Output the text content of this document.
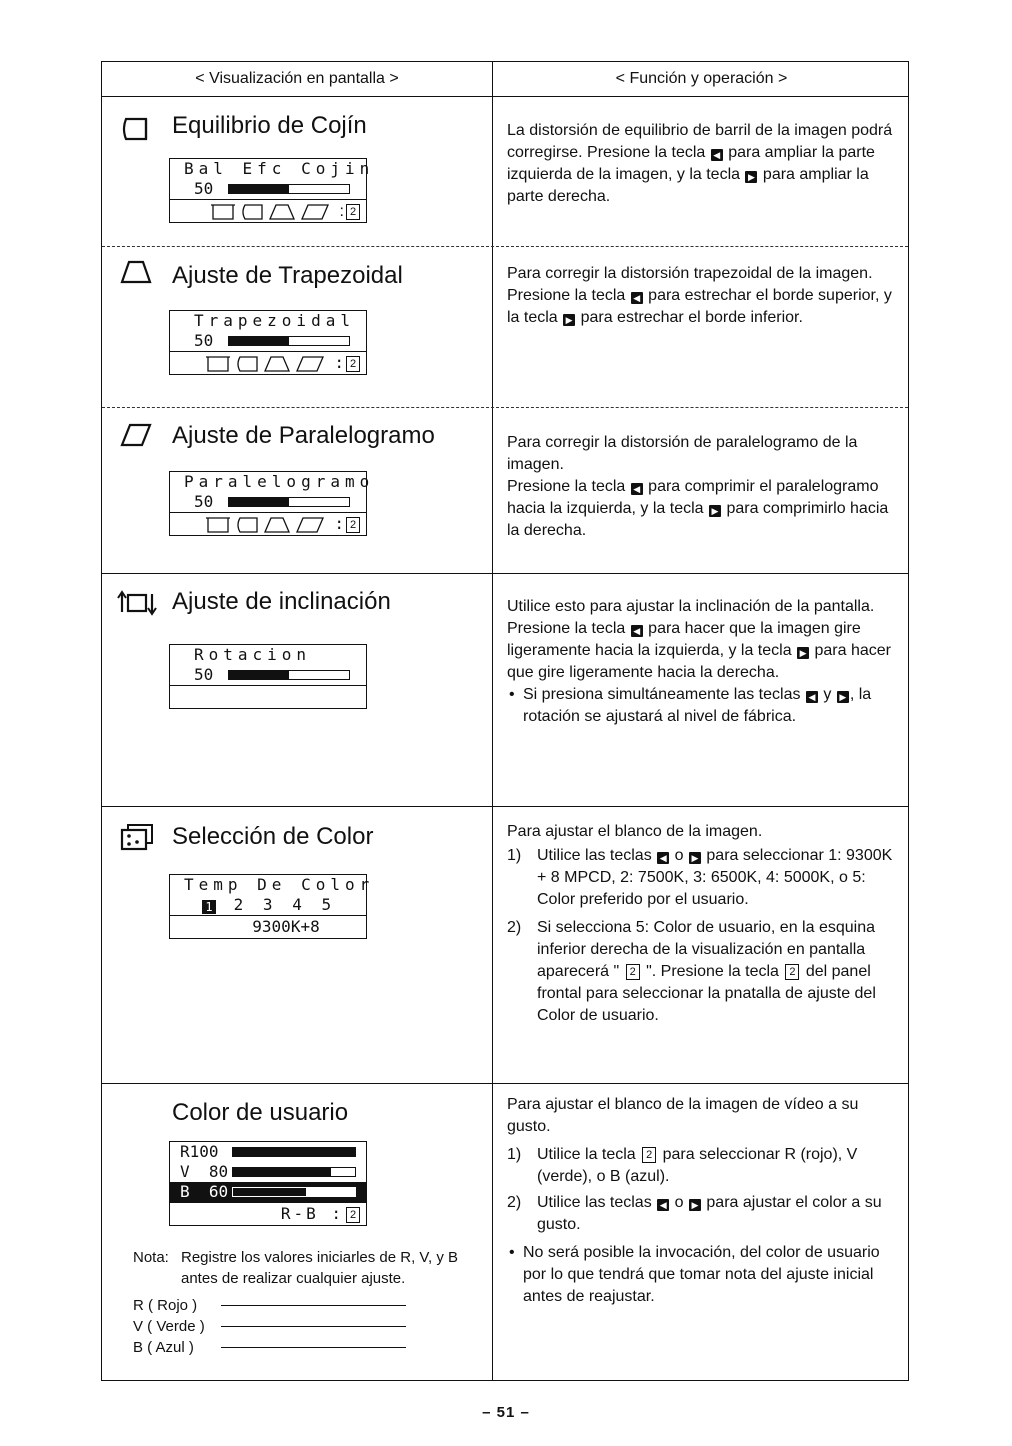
< Visualización en pantalla >	< Función y operación >
Equilibrio de Cojín
Bal Efc Cojin
50
: 2

La distorsión de equilibrio de barril de la imagen podrá corregirse. Presione la tecla ◀ para ampliar la parte izquierda de la imagen, y la tecla ▶ para ampliar la parte derecha.

Ajuste de Trapezoidal
Trapezoidal
50
: 2

Para corregir la distorsión trapezoidal de la imagen.

Presione la tecla ◀ para estrechar el borde superior, y la tecla ▶ para estrechar el borde inferior.

Ajuste de Paralelogramo
Paralelogramo
50
: 2

Para corregir la distorsión de paralelogramo de la imagen.

Presione la tecla ◀ para comprimir el paralelogramo hacia la izquierda, y la tecla ▶ para comprimirlo hacia la derecha.

Ajuste de inclinación
Rotacion
50

Utilice esto para ajustar la inclinación de la pantalla.

Presione la tecla ◀ para hacer que la imagen gire ligeramente hacia la izquierda, y la tecla ▶ para hacer que gire ligeramente hacia la derecha.

• Si presiona simultáneamente las teclas ◀ y ▶ , la rotación se ajustará al nivel de fábrica.
Selección de Color
Temp De Color
1 2 3 4 5
9300K+8

Para ajustar el blanco de la imagen.

1) Utilice las teclas ◀ o ▶ para seleccionar 1: 9300K + 8 MPCD, 2: 7500K, 3: 6500K, 4: 5000K, o 5: Color preferido por el usuario.
2) Si selecciona 5: Color de usuario, en la esquina inferior derecha de la visualización en pantalla aparecerá " 2 ". Presione la tecla 2 del panel frontal para seleccionar la pnatalla de ajuste del Color de usuario.
Color de usuario
R100
V  80
B  60
R-B : 2
Nota: Registre los valores iniciarles de R, V, y B antes de realizar cualquier ajuste.
R ( Rojo )
V ( Verde )
B ( Azul )

Para ajustar el blanco de la imagen de vídeo a su gusto.

1) Utilice la tecla 2 para seleccionar R (rojo), V (verde), o B (azul).
2) Utilice las teclas ◀ o ▶ para ajustar el color a su gusto.
• No será posible la invocación, del color de usuario por lo que tendrá que tomar nota del ajuste inicial antes de reajustar.
– 51 –
